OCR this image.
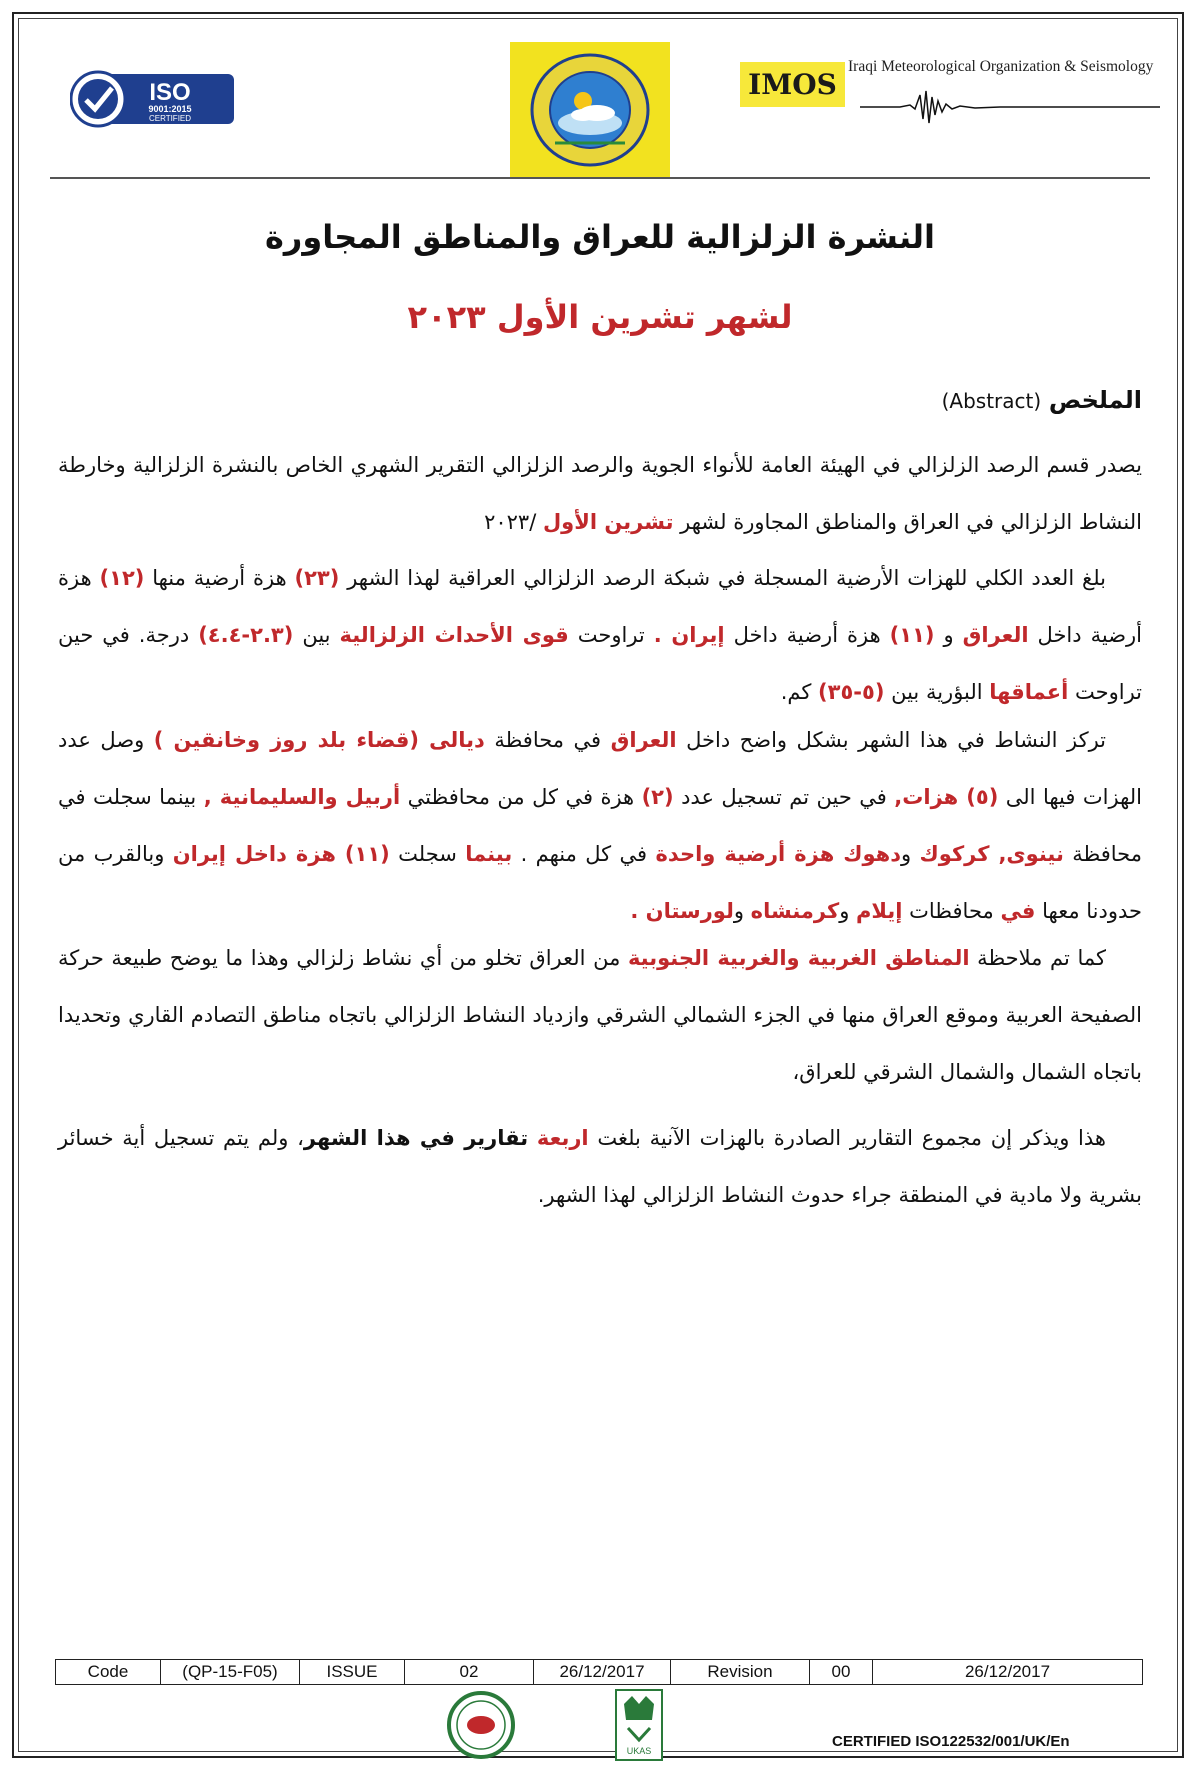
ISO
9001:2015
CERTIFIED
IMOS
Iraqi Meteorological Organization & Seismology
النشرة الزلزالية للعراق والمناطق المجاورة
لشهر تشرين الأول ٢٠٢٣
الملخص (Abstract)

يصدر قسم الرصد الزلزالي في الهيئة العامة للأنواء الجوية والرصد الزلزالي التقرير الشهري الخاص بالنشرة الزلزالية وخارطة النشاط الزلزالي في العراق والمناطق المجاورة لشهر تشرين الأول /٢٠٢٣

بلغ العدد الكلي للهزات الأرضية المسجلة في شبكة الرصد الزلزالي العراقية لهذا الشهر (٢٣) هزة أرضية منها (١٢) هزة أرضية داخل العراق و (١١) هزة أرضية داخل إيران . تراوحت قوى الأحداث الزلزالية بين (٢.٣-٤.٤) درجة. في حين تراوحت أعماقها البؤرية بين (٥-٣٥) كم.

تركز النشاط في هذا الشهر بشكل واضح داخل العراق في محافظة ديالى (قضاء بلد روز وخانقين ) وصل عدد الهزات فيها الى (٥) هزات, في حين تم تسجيل عدد (٢) هزة في كل من محافظتي أربيل والسليمانية , بينما سجلت في محافظة نينوى, كركوك ودهوك هزة أرضية واحدة في كل منهم . بينما سجلت (١١) هزة داخل إيران وبالقرب من حدودنا معها في محافظات إيلام وكرمنشاه ولورستان .

كما تم ملاحظة المناطق الغربية والغربية الجنوبية من العراق تخلو من أي نشاط زلزالي وهذا ما يوضح طبيعة حركة الصفيحة العربية وموقع العراق منها في الجزء الشمالي الشرقي وازدياد النشاط الزلزالي باتجاه مناطق التصادم القاري وتحديدا باتجاه الشمال والشمال الشرقي للعراق،

هذا ويذكر إن مجموع التقارير الصادرة بالهزات الآنية بلغت اربعة تقارير في هذا الشهر، ولم يتم تسجيل أية خسائر بشرية ولا مادية في المنطقة جراء حدوث النشاط الزلزالي لهذا الشهر.

Code	(QP-15-F05)	ISSUE	02	26/12/2017	Revision	00	26/12/2017
UKAS
CERTIFIED ISO122532/001/UK/En
